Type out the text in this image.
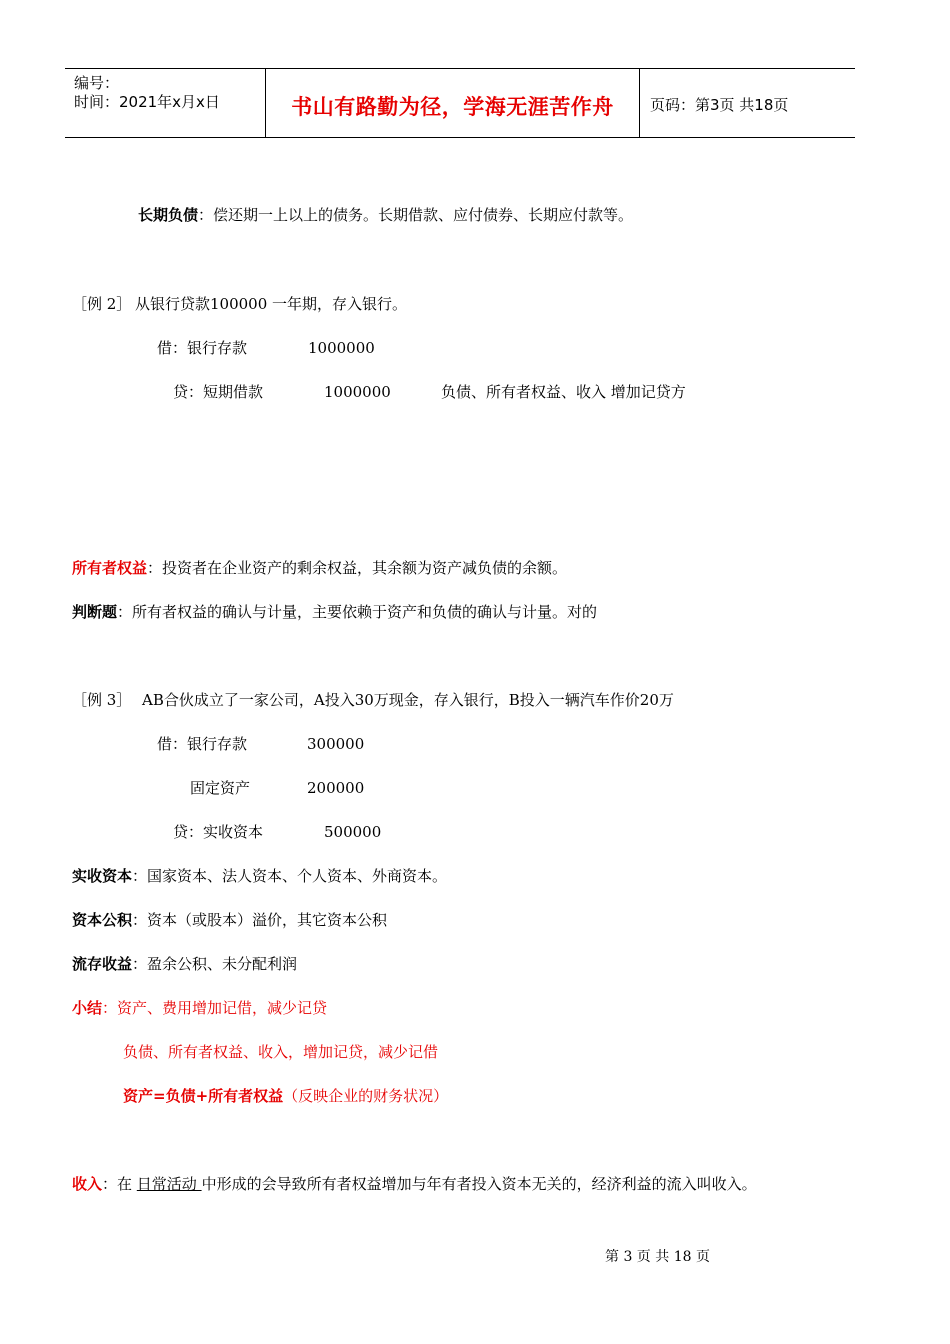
编号：
时间：2021年x月x日	书山有路勤为径，学海无涯苦作舟	页码：第3页 共18页
长期负债：偿还期一上以上的债务。长期借款、应付债券、长期应付款等。
［例 2］ 从银行贷款100000 一年期，存入银行。
借：银行存款	1000000
贷：短期借款	1000000	负债、所有者权益、收入 增加记贷方
所有者权益：投资者在企业资产的剩余权益，其余额为资产减负债的余额。
判断题：所有者权益的确认与计量，主要依赖于资产和负债的确认与计量。对的
［例 3］ AB合伙成立了一家公司，A投入30万现金，存入银行，B投入一辆汽车作价20万
借：银行存款	300000
固定资产	200000
贷：实收资本	500000
实收资本：国家资本、法人资本、个人资本、外商资本。
资本公积：资本（或股本）溢价，其它资本公积
流存收益：盈余公积、未分配利润
小结：资产、费用增加记借，减少记贷
负债、所有者权益、收入，增加记贷，减少记借
资产=负债+所有者权益（反映企业的财务状况）
收入：在 日常活动 中形成的会导致所有者权益增加与年有者投入资本无关的，经济利益的流入叫收入。
第 3 页 共 18 页
